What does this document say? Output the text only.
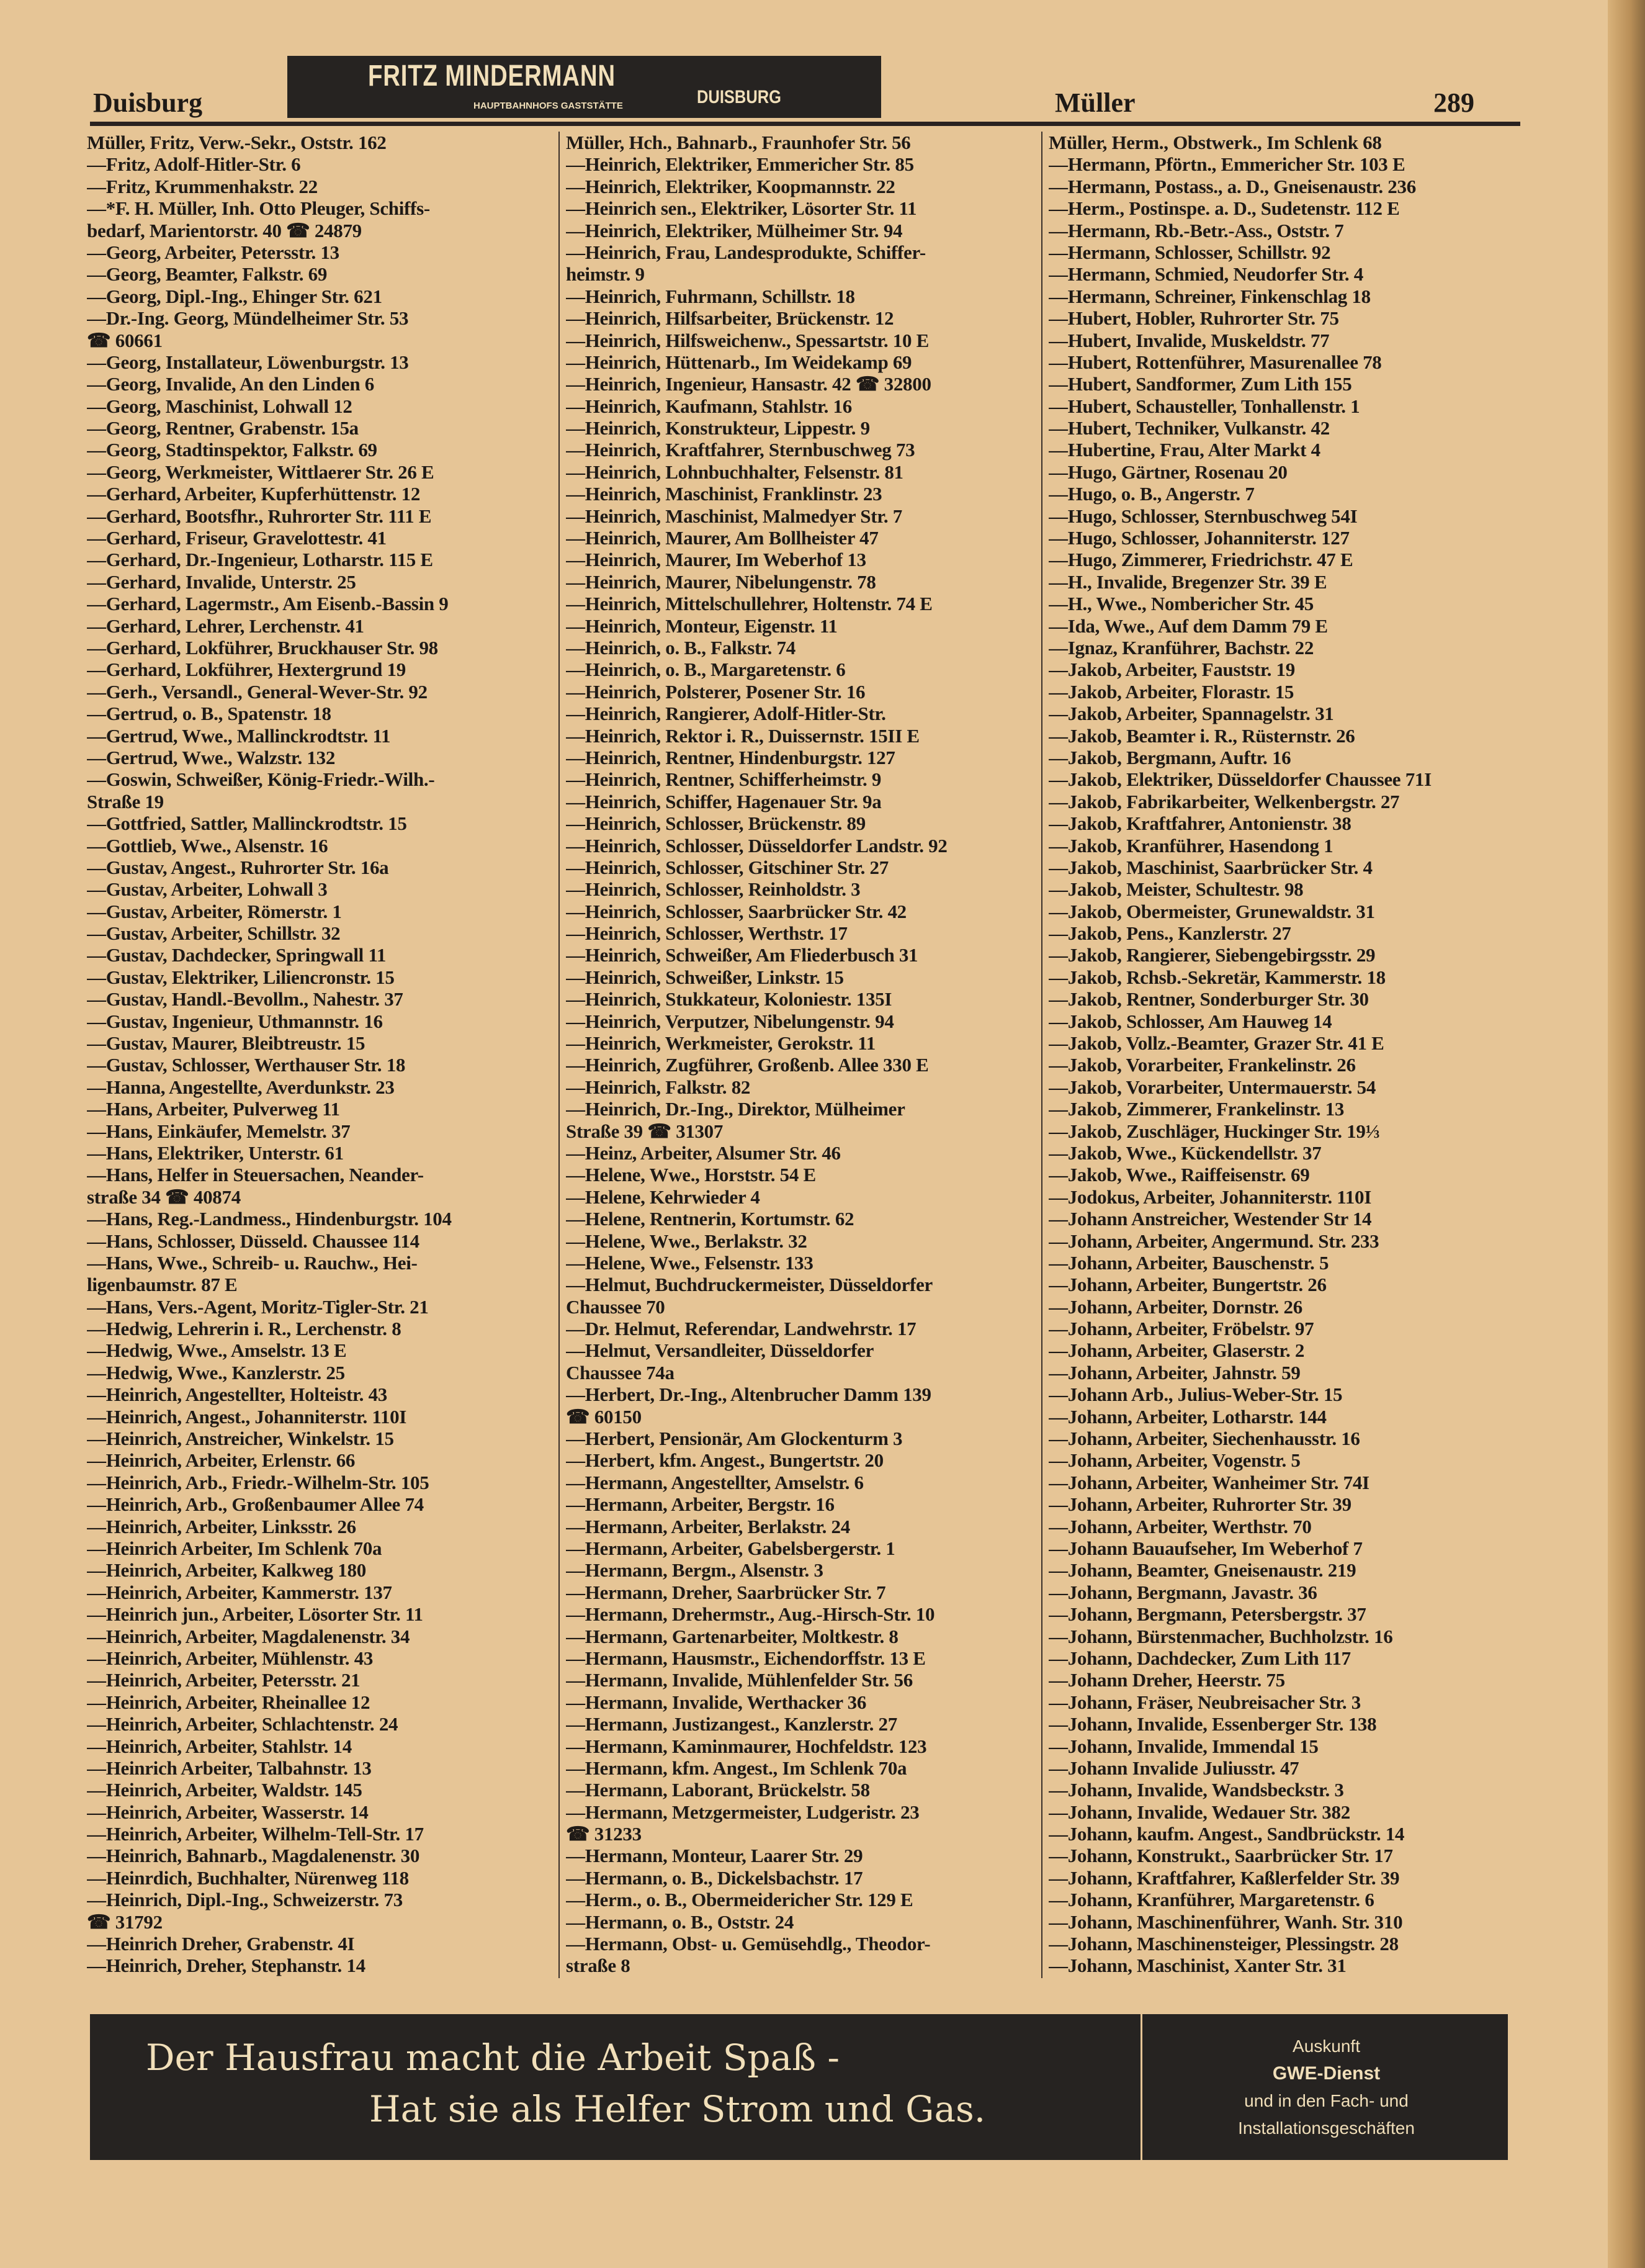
Duisburg
FRITZ MINDERMANN
HAUPTBAHNHOFS GASTSTÄTTE	DUISBURG	Müller	289
Müller, Fritz, Verw.-Sekr., Oststr. 162
—Fritz, Adolf-Hitler-Str. 6
—Fritz, Krummenhakstr. 22
—*F. H. Müller, Inh. Otto Pleuger, Schiffs-
bedarf, Marientorstr. 40 ☎ 24879
—Georg, Arbeiter, Petersstr. 13
—Georg, Beamter, Falkstr. 69
—Georg, Dipl.-Ing., Ehinger Str. 621
—Dr.-Ing. Georg, Mündelheimer Str. 53
☎ 60661
—Georg, Installateur, Löwenburgstr. 13
—Georg, Invalide, An den Linden 6
—Georg, Maschinist, Lohwall 12
—Georg, Rentner, Grabenstr. 15a
—Georg, Stadtinspektor, Falkstr. 69
—Georg, Werkmeister, Wittlaerer Str. 26 E
—Gerhard, Arbeiter, Kupferhüttenstr. 12
—Gerhard, Bootsfhr., Ruhrorter Str. 111 E
—Gerhard, Friseur, Gravelottestr. 41
—Gerhard, Dr.-Ingenieur, Lotharstr. 115 E
—Gerhard, Invalide, Unterstr. 25
—Gerhard, Lagermstr., Am Eisenb.-Bassin 9
—Gerhard, Lehrer, Lerchenstr. 41
—Gerhard, Lokführer, Bruckhauser Str. 98
—Gerhard, Lokführer, Hextergrund 19
—Gerh., Versandl., General-Wever-Str. 92
—Gertrud, o. B., Spatenstr. 18
—Gertrud, Wwe., Mallinckrodtstr. 11
—Gertrud, Wwe., Walzstr. 132
—Goswin, Schweißer, König-Friedr.-Wilh.-
Straße 19
—Gottfried, Sattler, Mallinckrodtstr. 15
—Gottlieb, Wwe., Alsenstr. 16
—Gustav, Angest., Ruhrorter Str. 16a
—Gustav, Arbeiter, Lohwall 3
—Gustav, Arbeiter, Römerstr. 1
—Gustav, Arbeiter, Schillstr. 32
—Gustav, Dachdecker, Springwall 11
—Gustav, Elektriker, Liliencronstr. 15
—Gustav, Handl.-Bevollm., Nahestr. 37
—Gustav, Ingenieur, Uthmannstr. 16
—Gustav, Maurer, Bleibtreustr. 15
—Gustav, Schlosser, Werthauser Str. 18
—Hanna, Angestellte, Averdunkstr. 23
—Hans, Arbeiter, Pulverweg 11
—Hans, Einkäufer, Memelstr. 37
—Hans, Elektriker, Unterstr. 61
—Hans, Helfer in Steuersachen, Neander-
straße 34 ☎ 40874
—Hans, Reg.-Landmess., Hindenburgstr. 104
—Hans, Schlosser, Düsseld. Chaussee 114
—Hans, Wwe., Schreib- u. Rauchw., Hei-
ligenbaumstr. 87 E
—Hans, Vers.-Agent, Moritz-Tigler-Str. 21
—Hedwig, Lehrerin i. R., Lerchenstr. 8
—Hedwig, Wwe., Amselstr. 13 E
—Hedwig, Wwe., Kanzlerstr. 25
—Heinrich, Angestellter, Holteistr. 43
—Heinrich, Angest., Johanniterstr. 110I
—Heinrich, Anstreicher, Winkelstr. 15
—Heinrich, Arbeiter, Erlenstr. 66
—Heinrich, Arb., Friedr.-Wilhelm-Str. 105
—Heinrich, Arb., Großenbaumer Allee 74
—Heinrich, Arbeiter, Linksstr. 26
—Heinrich Arbeiter, Im Schlenk 70a
—Heinrich, Arbeiter, Kalkweg 180
—Heinrich, Arbeiter, Kammerstr. 137
—Heinrich jun., Arbeiter, Lösorter Str. 11
—Heinrich, Arbeiter, Magdalenenstr. 34
—Heinrich, Arbeiter, Mühlenstr. 43
—Heinrich, Arbeiter, Petersstr. 21
—Heinrich, Arbeiter, Rheinallee 12
—Heinrich, Arbeiter, Schlachtenstr. 24
—Heinrich, Arbeiter, Stahlstr. 14
—Heinrich Arbeiter, Talbahnstr. 13
—Heinrich, Arbeiter, Waldstr. 145
—Heinrich, Arbeiter, Wasserstr. 14
—Heinrich, Arbeiter, Wilhelm-Tell-Str. 17
—Heinrich, Bahnarb., Magdalenenstr. 30
—Heinrdich, Buchhalter, Nürenweg 118
—Heinrich, Dipl.-Ing., Schweizerstr. 73
☎ 31792
—Heinrich Dreher, Grabenstr. 4I
—Heinrich, Dreher, Stephanstr. 14
Müller, Hch., Bahnarb., Fraunhofer Str. 56
—Heinrich, Elektriker, Emmericher Str. 85
—Heinrich, Elektriker, Koopmannstr. 22
—Heinrich sen., Elektriker, Lösorter Str. 11
—Heinrich, Elektriker, Mülheimer Str. 94
—Heinrich, Frau, Landesprodukte, Schiffer-
heimstr. 9
—Heinrich, Fuhrmann, Schillstr. 18
—Heinrich, Hilfsarbeiter, Brückenstr. 12
—Heinrich, Hilfsweichenw., Spessartstr. 10 E
—Heinrich, Hüttenarb., Im Weidekamp 69
—Heinrich, Ingenieur, Hansastr. 42 ☎ 32800
—Heinrich, Kaufmann, Stahlstr. 16
—Heinrich, Konstrukteur, Lippestr. 9
—Heinrich, Kraftfahrer, Sternbuschweg 73
—Heinrich, Lohnbuchhalter, Felsenstr. 81
—Heinrich, Maschinist, Franklinstr. 23
—Heinrich, Maschinist, Malmedyer Str. 7
—Heinrich, Maurer, Am Bollheister 47
—Heinrich, Maurer, Im Weberhof 13
—Heinrich, Maurer, Nibelungenstr. 78
—Heinrich, Mittelschullehrer, Holtenstr. 74 E
—Heinrich, Monteur, Eigenstr. 11
—Heinrich, o. B., Falkstr. 74
—Heinrich, o. B., Margaretenstr. 6
—Heinrich, Polsterer, Posener Str. 16
—Heinrich, Rangierer, Adolf-Hitler-Str.
—Heinrich, Rektor i. R., Duissernstr. 15II E
—Heinrich, Rentner, Hindenburgstr. 127
—Heinrich, Rentner, Schifferheimstr. 9
—Heinrich, Schiffer, Hagenauer Str. 9a
—Heinrich, Schlosser, Brückenstr. 89
—Heinrich, Schlosser, Düsseldorfer Landstr. 92
—Heinrich, Schlosser, Gitschiner Str. 27
—Heinrich, Schlosser, Reinholdstr. 3
—Heinrich, Schlosser, Saarbrücker Str. 42
—Heinrich, Schlosser, Werthstr. 17
—Heinrich, Schweißer, Am Fliederbusch 31
—Heinrich, Schweißer, Linkstr. 15
—Heinrich, Stukkateur, Koloniestr. 135I
—Heinrich, Verputzer, Nibelungenstr. 94
—Heinrich, Werkmeister, Gerokstr. 11
—Heinrich, Zugführer, Großenb. Allee 330 E
—Heinrich, Falkstr. 82
—Heinrich, Dr.-Ing., Direktor, Mülheimer
Straße 39 ☎ 31307
—Heinz, Arbeiter, Alsumer Str. 46
—Helene, Wwe., Horststr. 54 E
—Helene, Kehrwieder 4
—Helene, Rentnerin, Kortumstr. 62
—Helene, Wwe., Berlakstr. 32
—Helene, Wwe., Felsenstr. 133
—Helmut, Buchdruckermeister, Düsseldorfer
Chaussee 70
—Dr. Helmut, Referendar, Landwehrstr. 17
—Helmut, Versandleiter, Düsseldorfer
Chaussee 74a
—Herbert, Dr.-Ing., Altenbrucher Damm 139
☎ 60150
—Herbert, Pensionär, Am Glockenturm 3
—Herbert, kfm. Angest., Bungertstr. 20
—Hermann, Angestellter, Amselstr. 6
—Hermann, Arbeiter, Bergstr. 16
—Hermann, Arbeiter, Berlakstr. 24
—Hermann, Arbeiter, Gabelsbergerstr. 1
—Hermann, Bergm., Alsenstr. 3
—Hermann, Dreher, Saarbrücker Str. 7
—Hermann, Drehermstr., Aug.-Hirsch-Str. 10
—Hermann, Gartenarbeiter, Moltkestr. 8
—Hermann, Hausmstr., Eichendorffstr. 13 E
—Hermann, Invalide, Mühlenfelder Str. 56
—Hermann, Invalide, Werthacker 36
—Hermann, Justizangest., Kanzlerstr. 27
—Hermann, Kaminmaurer, Hochfeldstr. 123
—Hermann, kfm. Angest., Im Schlenk 70a
—Hermann, Laborant, Brückelstr. 58
—Hermann, Metzgermeister, Ludgeristr. 23
☎ 31233
—Hermann, Monteur, Laarer Str. 29
—Hermann, o. B., Dickelsbachstr. 17
—Herm., o. B., Obermeidericher Str. 129 E
—Hermann, o. B., Oststr. 24
—Hermann, Obst- u. Gemüsehdlg., Theodor-
straße 8
Müller, Herm., Obstwerk., Im Schlenk 68
—Hermann, Pförtn., Emmericher Str. 103 E
—Hermann, Postass., a. D., Gneisenaustr. 236
—Herm., Postinspe. a. D., Sudetenstr. 112 E
—Hermann, Rb.-Betr.-Ass., Oststr. 7
—Hermann, Schlosser, Schillstr. 92
—Hermann, Schmied, Neudorfer Str. 4
—Hermann, Schreiner, Finkenschlag 18
—Hubert, Hobler, Ruhrorter Str. 75
—Hubert, Invalide, Muskeldstr. 77
—Hubert, Rottenführer, Masurenallee 78
—Hubert, Sandformer, Zum Lith 155
—Hubert, Schausteller, Tonhallenstr. 1
—Hubert, Techniker, Vulkanstr. 42
—Hubertine, Frau, Alter Markt 4
—Hugo, Gärtner, Rosenau 20
—Hugo, o. B., Angerstr. 7
—Hugo, Schlosser, Sternbuschweg 54I
—Hugo, Schlosser, Johanniterstr. 127
—Hugo, Zimmerer, Friedrichstr. 47 E
—H., Invalide, Bregenzer Str. 39 E
—H., Wwe., Nombericher Str. 45
—Ida, Wwe., Auf dem Damm 79 E
—Ignaz, Kranführer, Bachstr. 22
—Jakob, Arbeiter, Fauststr. 19
—Jakob, Arbeiter, Florastr. 15
—Jakob, Arbeiter, Spannagelstr. 31
—Jakob, Beamter i. R., Rüsternstr. 26
—Jakob, Bergmann, Auftr. 16
—Jakob, Elektriker, Düsseldorfer Chaussee 71I
—Jakob, Fabrikarbeiter, Welkenbergstr. 27
—Jakob, Kraftfahrer, Antonienstr. 38
—Jakob, Kranführer, Hasendong 1
—Jakob, Maschinist, Saarbrücker Str. 4
—Jakob, Meister, Schultestr. 98
—Jakob, Obermeister, Grunewaldstr. 31
—Jakob, Pens., Kanzlerstr. 27
—Jakob, Rangierer, Siebengebirgsstr. 29
—Jakob, Rchsb.-Sekretär, Kammerstr. 18
—Jakob, Rentner, Sonderburger Str. 30
—Jakob, Schlosser, Am Hauweg 14
—Jakob, Vollz.-Beamter, Grazer Str. 41 E
—Jakob, Vorarbeiter, Frankelinstr. 26
—Jakob, Vorarbeiter, Untermauerstr. 54
—Jakob, Zimmerer, Frankelinstr. 13
—Jakob, Zuschläger, Huckinger Str. 19⅓
—Jakob, Wwe., Kückendellstr. 37
—Jakob, Wwe., Raiffeisenstr. 69
—Jodokus, Arbeiter, Johanniterstr. 110I
—Johann Anstreicher, Westender Str 14
—Johann, Arbeiter, Angermund. Str. 233
—Johann, Arbeiter, Bauschenstr. 5
—Johann, Arbeiter, Bungertstr. 26
—Johann, Arbeiter, Dornstr. 26
—Johann, Arbeiter, Fröbelstr. 97
—Johann, Arbeiter, Glaserstr. 2
—Johann, Arbeiter, Jahnstr. 59
—Johann Arb., Julius-Weber-Str. 15
—Johann, Arbeiter, Lotharstr. 144
—Johann, Arbeiter, Siechenhausstr. 16
—Johann, Arbeiter, Vogenstr. 5
—Johann, Arbeiter, Wanheimer Str. 74I
—Johann, Arbeiter, Ruhrorter Str. 39
—Johann, Arbeiter, Werthstr. 70
—Johann Bauaufseher, Im Weberhof 7
—Johann, Beamter, Gneisenaustr. 219
—Johann, Bergmann, Javastr. 36
—Johann, Bergmann, Petersbergstr. 37
—Johann, Bürstenmacher, Buchholzstr. 16
—Johann, Dachdecker, Zum Lith 117
—Johann Dreher, Heerstr. 75
—Johann, Fräser, Neubreisacher Str. 3
—Johann, Invalide, Essenberger Str. 138
—Johann, Invalide, Immendal 15
—Johann Invalide Juliusstr. 47
—Johann, Invalide, Wandsbeckstr. 3
—Johann, Invalide, Wedauer Str. 382
—Johann, kaufm. Angest., Sandbrückstr. 14
—Johann, Konstrukt., Saarbrücker Str. 17
—Johann, Kraftfahrer, Kaßlerfelder Str. 39
—Johann, Kranführer, Margaretenstr. 6
—Johann, Maschinenführer, Wanh. Str. 310
—Johann, Maschinensteiger, Plessingstr. 28
—Johann, Maschinist, Xanter Str. 31
Der Hausfrau macht die Arbeit Spaß -
Hat sie als Helfer Strom und Gas.
Auskunft
GWE-Dienst
und in den Fach- und
Installationsgeschäften
